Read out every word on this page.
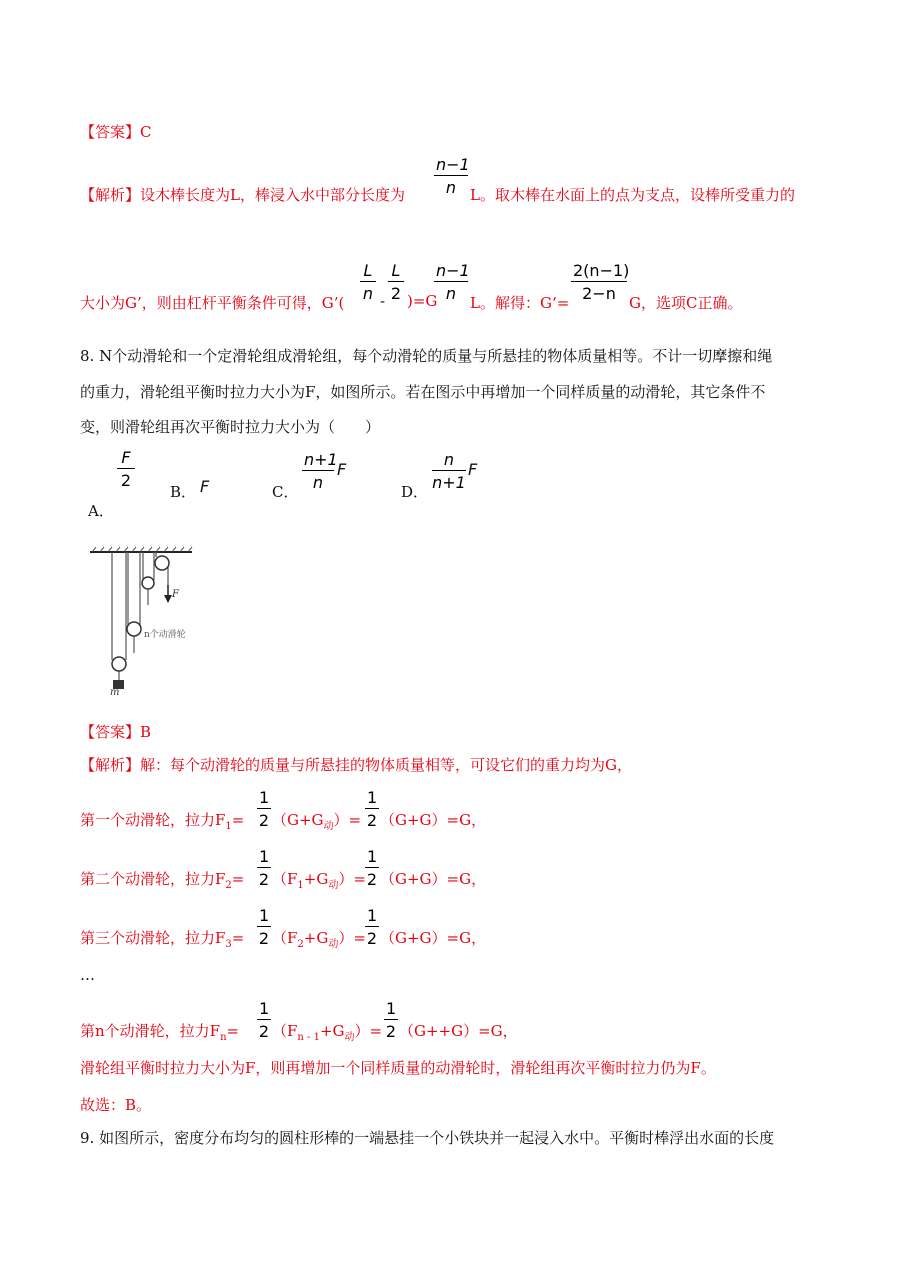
【答案】C
【解析】设木棒长度为L，棒浸入水中部分长度为
n−1
n L。取木棒在水面上的点为支点，设棒所受重力的
大小为G’，则由杠杆平衡条件可得，G’(
L
n -
L
2 )=G
n−1
n L。解得：G‘=
2(n−1)
2−n G，选项C正确。
8. N个动滑轮和一个定滑轮组成滑轮组，每个动滑轮的质量与所悬挂的物体质量相等。不计一切摩擦和绳
的重力，滑轮组平衡时拉力大小为F，如图所示。若在图示中再增加一个同样质量的动滑轮，其它条件不
变，则滑轮组再次平衡时拉力大小为（　　）
F
2
A．
B． F	C．
n+1
n
F
D．
n
n+1
F
F
n个动滑轮
m
【答案】B
【解析】解：每个动滑轮的质量与所悬挂的物体质量相等，可设它们的重力均为G，
第一个动滑轮，拉力$F_1=$
1
2 $(G+G_动)=$
1
2 （G+G）=G，
第二个动滑轮，拉力$F_2=$
1
2 $(F_1+G_动)=$
1
2 （G+G）=G，
第三个动滑轮，拉力$F_3=$
1
2 $(F_2+G_动)=$
1
2 （G+G）=G，
…
第n个动滑轮，拉力$F_n=$
1
2 $(F_{n - 1}+G_动)=$
1
2 （G++G）=G，
滑轮组平衡时拉力大小为F，则再增加一个同样质量的动滑轮时，滑轮组再次平衡时拉力仍为F。
故选：B。
9. 如图所示，密度分布均匀的圆柱形棒的一端悬挂一个小铁块并一起浸入水中。平衡时棒浮出水面的长度
